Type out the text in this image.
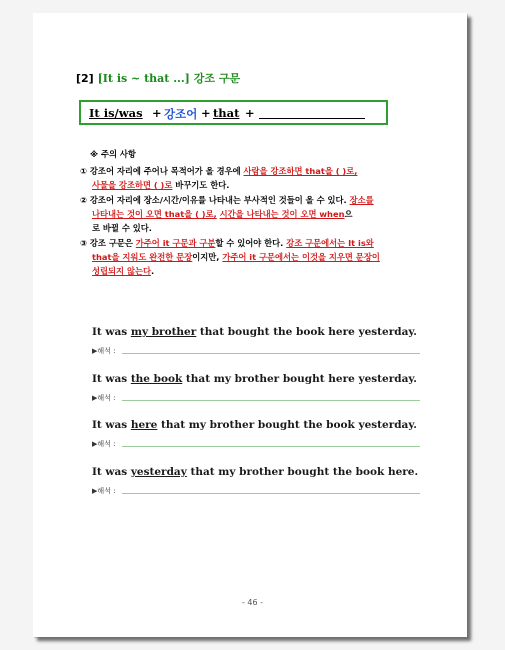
[2] [It is ~ that ...] 강조 구문
It is/was + 강조어 + that +
※ 주의 사항
① 강조어 자리에 주어나 목적어가 올 경우에 사람을 강조하면 that을 ( )로,
사물을 강조하면 ( )로 바꾸기도 한다.
② 강조어 자리에 장소/시간/이유를 나타내는 부사적인 것들이 올 수 있다. 장소를
나타내는 것이 오면 that을 ( )로, 시간을 나타내는 것이 오면 when으
로 바뀔 수 있다.
③ 강조 구문은 가주어 it 구문과 구분할 수 있어야 한다. 강조 구문에서는 It is와
that을 지워도 완전한 문장이지만, 가주어 it 구문에서는 이것을 지우면 문장이
성립되지 않는다.
It was my brother that bought the book here yesterday.
▶해석 :
It was the book that my brother bought here yesterday.
▶해석 :
It was here that my brother bought the book yesterday.
▶해석 :
It was yesterday that my brother bought the book here.
▶해석 :
- 46 -
